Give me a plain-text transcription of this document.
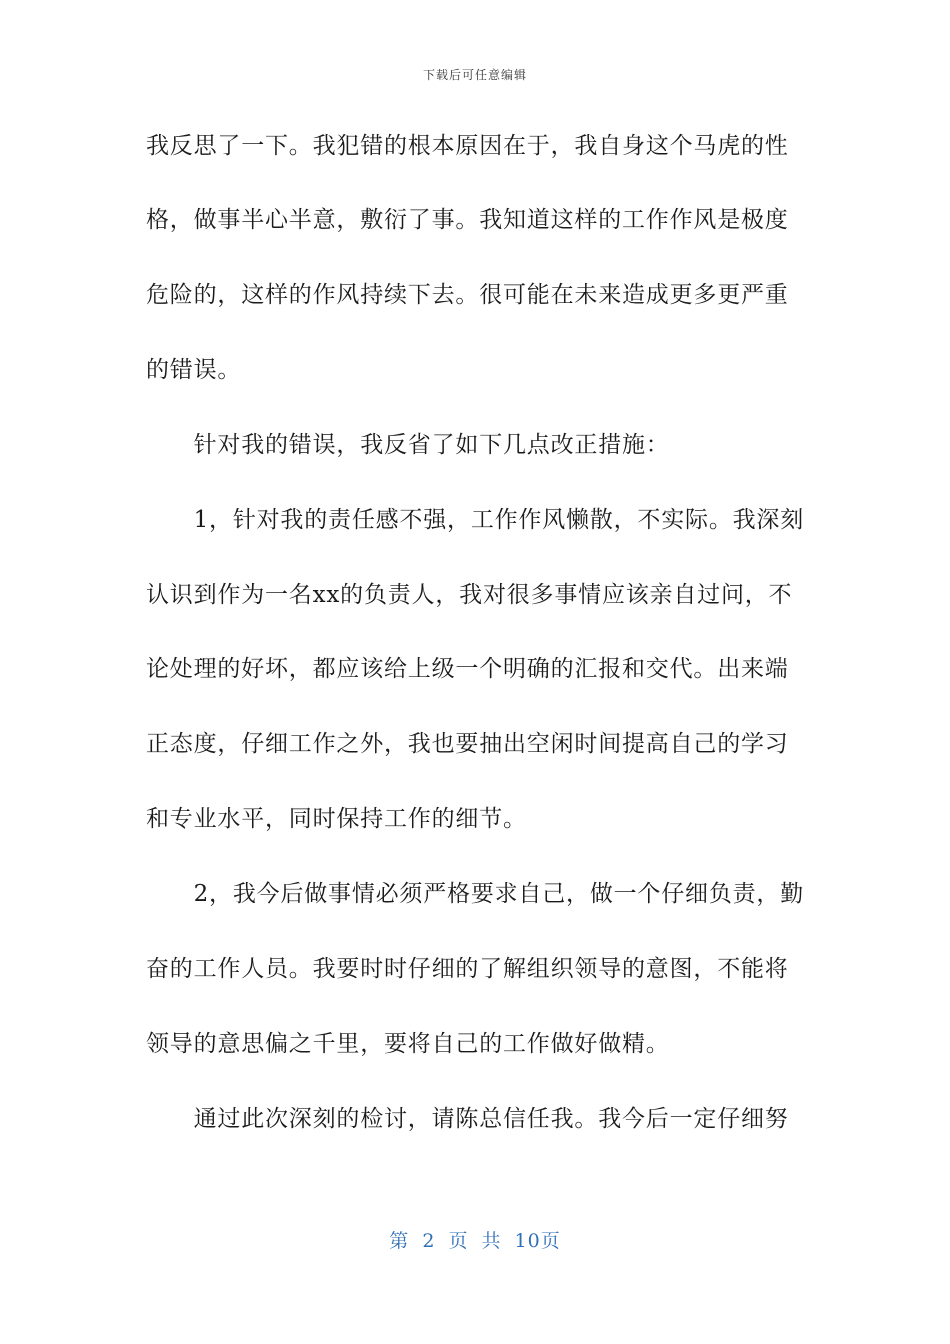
下载后可任意编辑
我反思了一下。我犯错的根本原因在于，我自身这个马虎的性
格，做事半心半意，敷衍了事。我知道这样的工作作风是极度
危险的，这样的作风持续下去。很可能在未来造成更多更严重
的错误。
　　针对我的错误，我反省了如下几点改正措施：
　　1，针对我的责任感不强，工作作风懒散，不实际。我深刻
认识到作为一名xx的负责人，我对很多事情应该亲自过问，不
论处理的好坏，都应该给上级一个明确的汇报和交代。出来端
正态度，仔细工作之外，我也要抽出空闲时间提高自己的学习
和专业水平，同时保持工作的细节。
　　2，我今后做事情必须严格要求自己，做一个仔细负责，勤
奋的工作人员。我要时时仔细的了解组织领导的意图，不能将
领导的意思偏之千里，要将自己的工作做好做精。
　　通过此次深刻的检讨，请陈总信任我。我今后一定仔细努
第 2 页 共 10页
